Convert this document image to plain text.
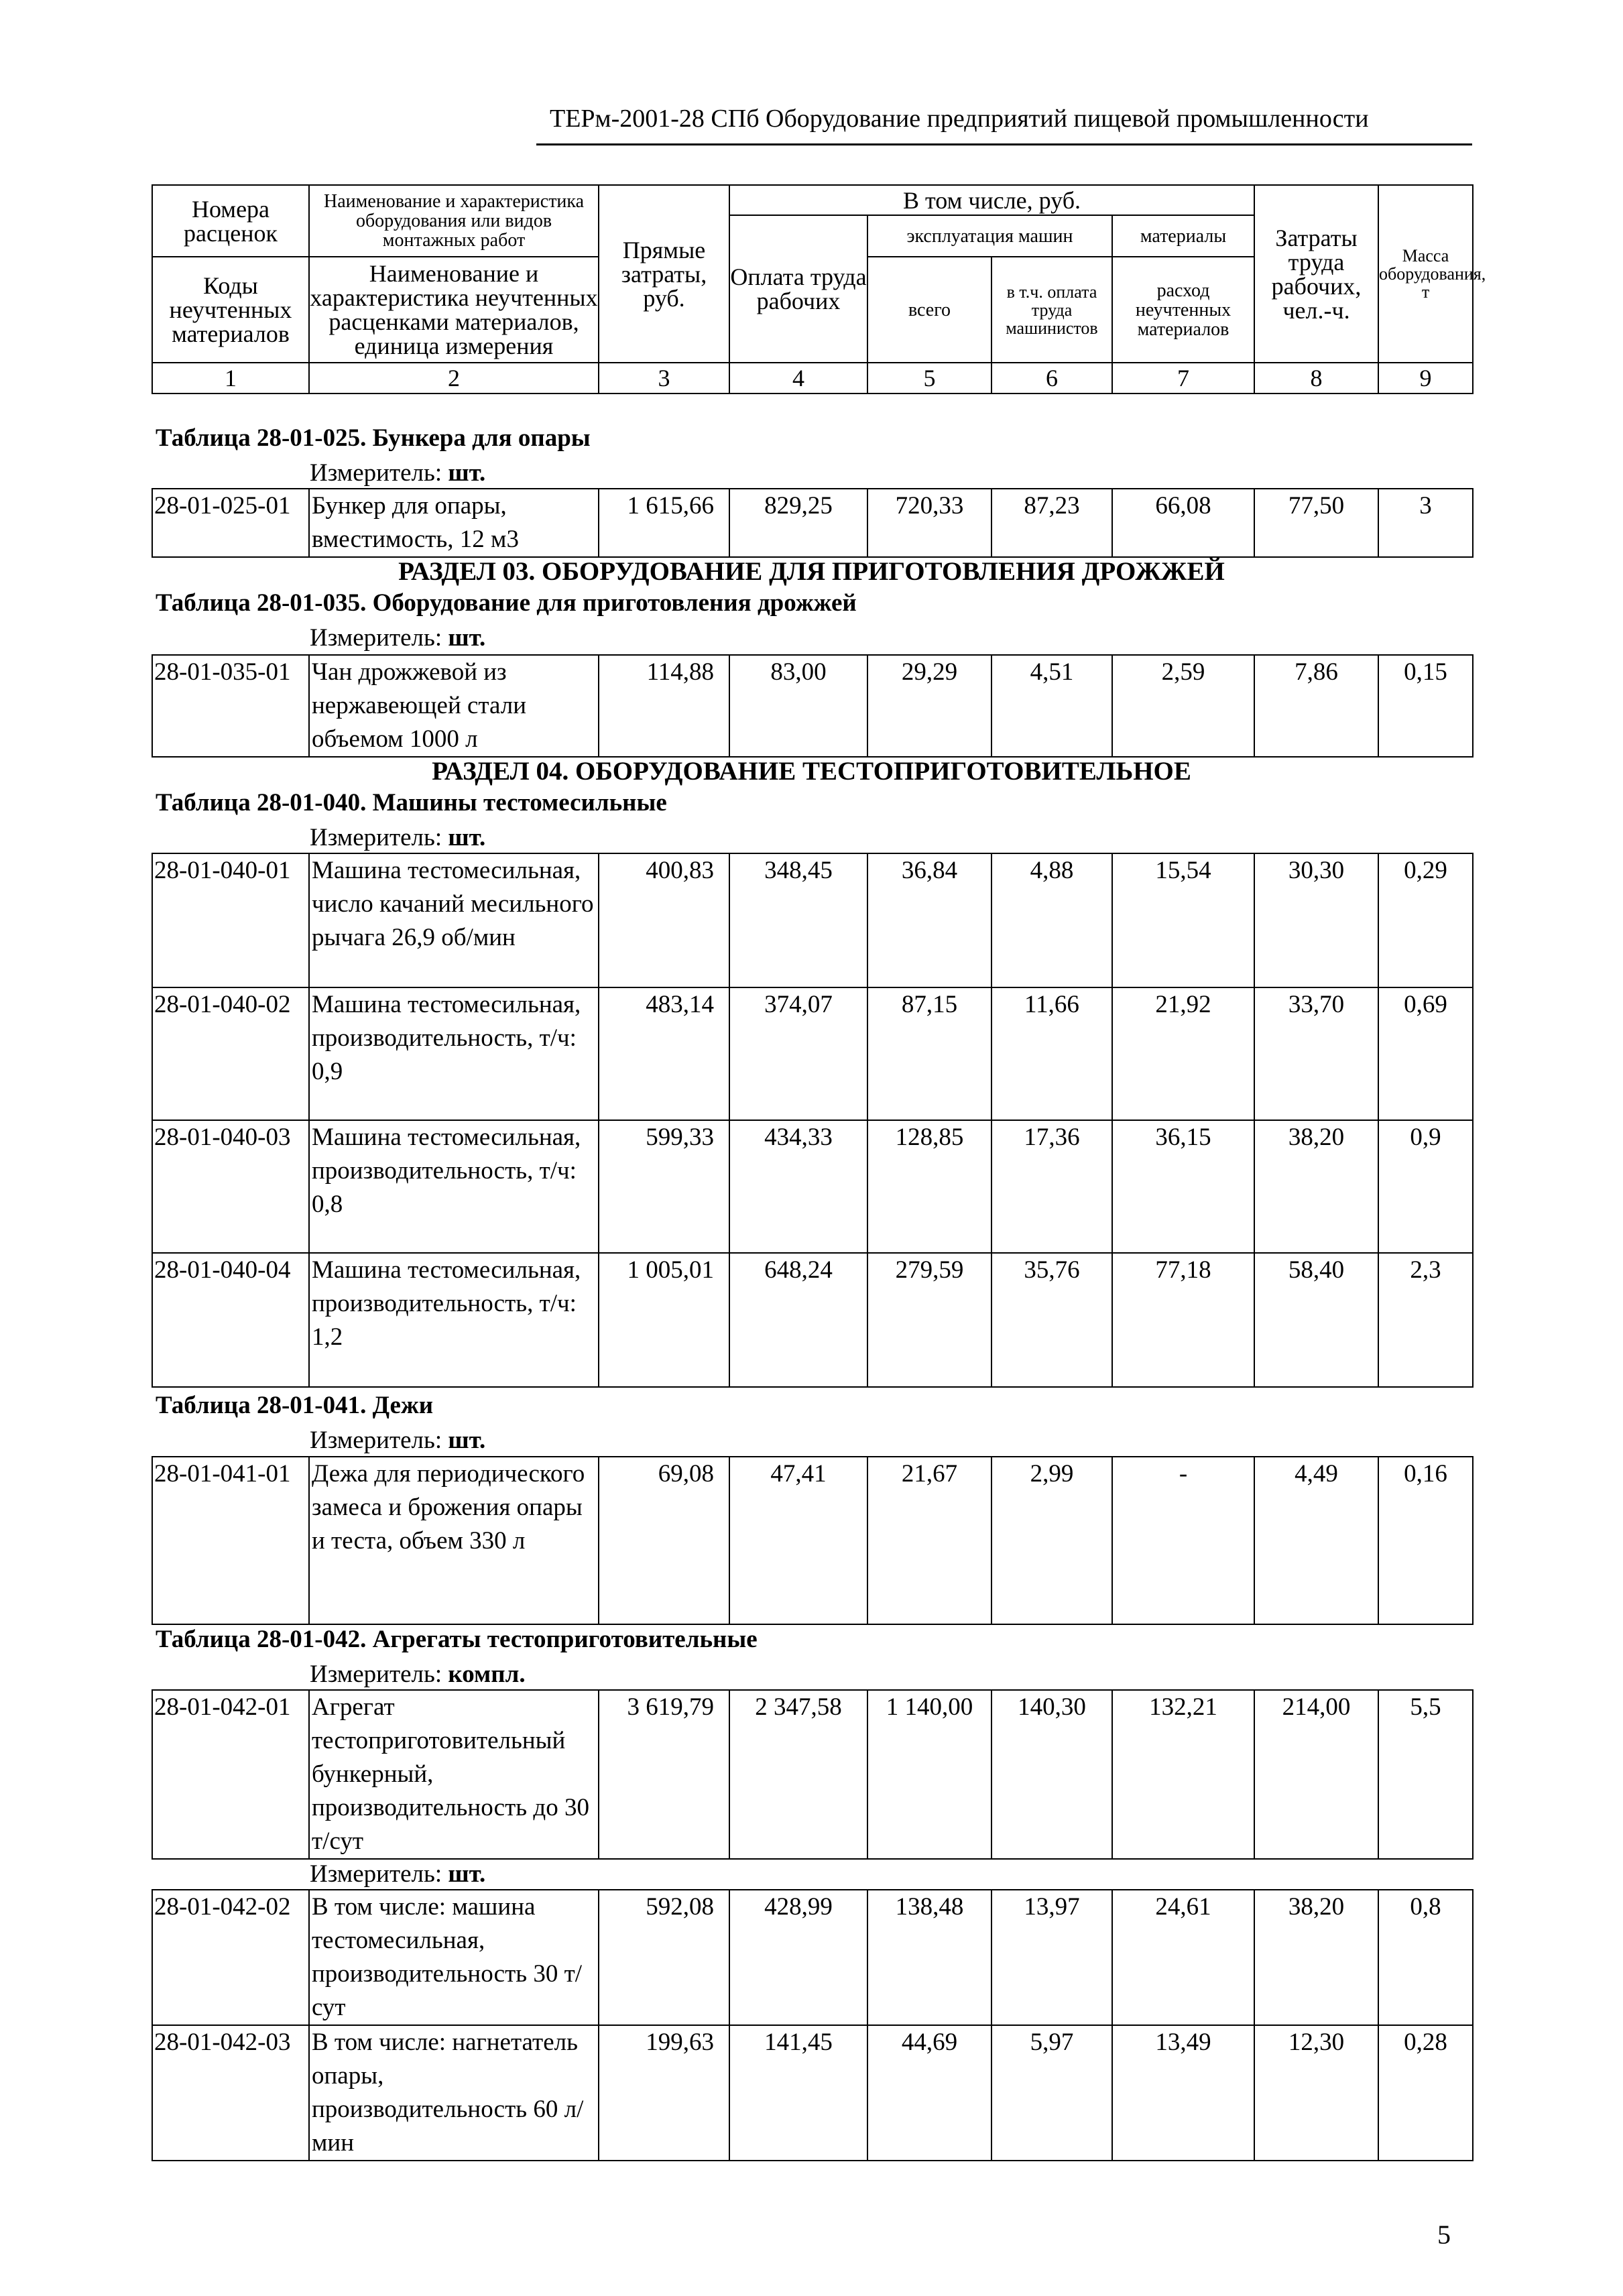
ТЕРм-2001-28 СПб Оборудование предприятий пищевой промышленности
Номера расценок	Наименование и характеристика оборудования или видов монтажных работ	Прямые затраты, руб.	В том числе, руб.				Затраты труда рабочих, чел.-ч.	Масса оборудования, т
			Оплата труда рабочих	эксплуатация машин		материалы		
Коды неучтенных материалов	Наименование и характеристика неучтенных расценками материалов, единица измерения			всего	в т.ч. оплата труда машинистов	расход неучтенных материалов		

1	2	3	4	5	6	7	8	9
Таблица 28-01-025. Бункера для опары
Измеритель: шт.
28-01-025-01	Бункер для опары, вместимость, 12 м3	1 615,66	829,25	720,33	87,23	66,08	77,50	3
РАЗДЕЛ 03. ОБОРУДОВАНИЕ ДЛЯ ПРИГОТОВЛЕНИЯ ДРОЖЖЕЙ
Таблица 28-01-035. Оборудование для приготовления дрожжей
Измеритель: шт.
28-01-035-01	Чан дрожжевой из нержавеющей стали объемом 1000 л	114,88	83,00	29,29	4,51	2,59	7,86	0,15
РАЗДЕЛ 04. ОБОРУДОВАНИЕ ТЕСТОПРИГОТОВИТЕЛЬНОЕ
Таблица 28-01-040. Машины тестомесильные
Измеритель: шт.
28-01-040-01	Машина тестомесильная, число качаний месильного рычага 26,9 об/мин	400,83	348,45	36,84	4,88	15,54	30,30	0,29
28-01-040-02	Машина тестомесильная, производительность, т/ч: 0,9	483,14	374,07	87,15	11,66	21,92	33,70	0,69
28-01-040-03	Машина тестомесильная, производительность, т/ч: 0,8	599,33	434,33	128,85	17,36	36,15	38,20	0,9
28-01-040-04	Машина тестомесильная, производительность, т/ч: 1,2	1 005,01	648,24	279,59	35,76	77,18	58,40	2,3
Таблица 28-01-041. Дежи
Измеритель: шт.
28-01-041-01	Дежа для периодического замеса и брожения опары и теста, объем 330 л	69,08	47,41	21,67	2,99	-	4,49	0,16
Таблица 28-01-042. Агрегаты тестоприготовительные
Измеритель: компл.
28-01-042-01	Агрегат тестоприготовительный бункерный, производительность до 30 т/сут	3 619,79	2 347,58	1 140,00	140,30	132,21	214,00	5,5
Измеритель: шт.
28-01-042-02	В том числе: машина тестомесильная, производительность 30 т/сут	592,08	428,99	138,48	13,97	24,61	38,20	0,8
28-01-042-03	В том числе: нагнетатель опары, производительность 60 л/мин	199,63	141,45	44,69	5,97	13,49	12,30	0,28
5
